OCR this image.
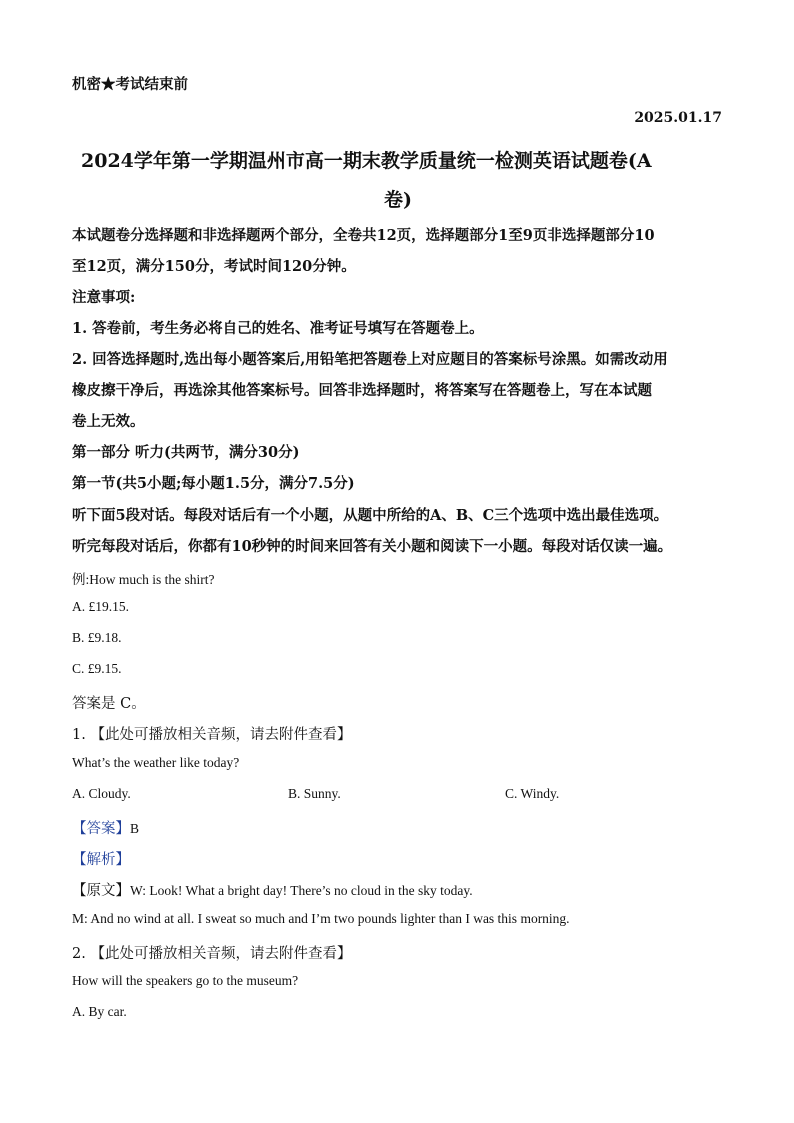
机密★考试结束前
2025.01.17
2024学年第一学期温州市高一期末教学质量统一检测英语试题卷(A
卷)
本试题卷分选择题和非选择题两个部分，全卷共12页，选择题部分1至9页非选择题部分10
至12页，满分150分，考试时间120分钟。
注意事项:
1. 答卷前，考生务必将自己的姓名、准考证号填写在答题卷上。
2. 回答选择题时,选出每小题答案后,用铅笔把答题卷上对应题目的答案标号涂黑。如需改动用
橡皮擦干净后，再选涂其他答案标号。回答非选择题时，将答案写在答题卷上，写在本试题
卷上无效。
第一部分 听力(共两节，满分30分)
第一节(共5小题;每小题1.5分，满分7.5分)
听下面5段对话。每段对话后有一个小题，从题中所给的A、B、C三个选项中选出最佳选项。
听完每段对话后，你都有10秒钟的时间来回答有关小题和阅读下一小题。每段对话仅读一遍。
例:How much is the shirt?
A. £19.15.
B. £9.18.
C. £9.15.
答案是 C。
1. 【此处可播放相关音频，请去附件查看】
What’s the weather like today?
A. Cloudy.	B. Sunny.	C. Windy.
【答案】B
【解析】
【原文】W: Look! What a bright day! There’s no cloud in the sky today.
M: And no wind at all. I sweat so much and I’m two pounds lighter than I was this morning.
2. 【此处可播放相关音频，请去附件查看】
How will the speakers go to the museum?
A. By car.
